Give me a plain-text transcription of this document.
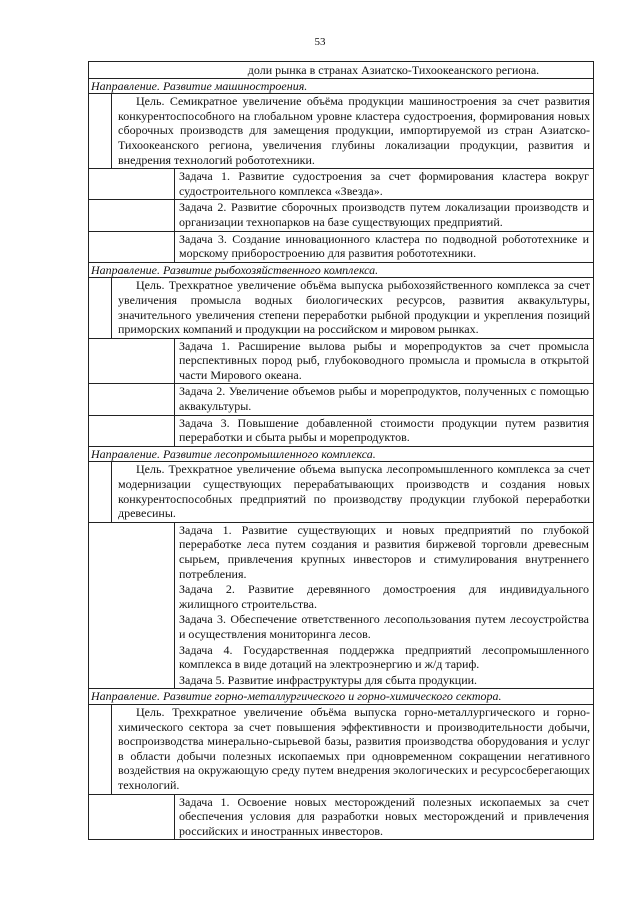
53
доли рынка в странах Азиатско-Тихоокеанского региона.
Направление. Развитие машиностроения.
Цель. Семикратное увеличение объёма продукции машиностроения за счет развития конкурентоспособного на глобальном уровне кластера судостроения, формирования новых сборочных производств для замещения продукции, импортируемой из стран Азиатско-Тихоокеанского региона, увеличения глубины локализации продукции, развития и внедрения технологий робототехники.
Задача 1. Развитие судостроения за счет формирования кластера вокруг судостроительного комплекса «Звезда».
Задача 2. Развитие сборочных производств путем локализации производств и организации технопарков на базе существующих предприятий.
Задача 3. Создание инновационного кластера по подводной робототехнике и морскому приборостроению для развития робототехники.
Направление. Развитие рыбохозяйственного комплекса.
Цель. Трехкратное увеличение объёма выпуска рыбохозяйственного комплекса за счет увеличения промысла водных биологических ресурсов, развития аквакультуры, значительного увеличения степени переработки рыбной продукции и укрепления позиций приморских компаний и продукции на российском и мировом рынках.
Задача 1. Расширение вылова рыбы и морепродуктов за счет промысла перспективных пород рыб, глубоководного промысла и промысла в открытой части Мирового океана.
Задача 2. Увеличение объемов рыбы и морепродуктов, полученных с помощью аквакультуры.
Задача 3. Повышение добавленной стоимости продукции путем развития переработки и сбыта рыбы и морепродуктов.
Направление. Развитие лесопромышленного комплекса.
Цель. Трехкратное увеличение объема выпуска лесопромышленного комплекса за счет модернизации существующих перерабатывающих производств и создания новых конкурентоспособных предприятий по производству продукции глубокой переработки древесины.
Задача 1. Развитие существующих и новых предприятий по глубокой переработке леса путем создания и развития биржевой торговли древесным сырьем, привлечения крупных инвесторов и стимулирования внутреннего потребления.
Задача 2. Развитие деревянного домостроения для индивидуального жилищного строительства.
Задача 3. Обеспечение ответственного лесопользования путем лесоустройства и осуществления мониторинга лесов.
Задача 4. Государственная поддержка предприятий лесопромышленного комплекса в виде дотаций на электроэнергию и ж/д тариф.
Задача 5. Развитие инфраструктуры для сбыта продукции.
Направление. Развитие горно-металлургического и горно-химического сектора.
Цель. Трехкратное увеличение объёма выпуска горно-металлургического и горно-химического сектора за счет повышения эффективности и производительности добычи, воспроизводства минерально-сырьевой базы, развития производства оборудования и услуг в области добычи полезных ископаемых при одновременном сокращении негативного воздействия на окружающую среду путем внедрения экологических и ресурсосберегающих технологий.
Задача 1. Освоение новых месторождений полезных ископаемых за счет обеспечения условия для разработки новых месторождений и привлечения российских и иностранных инвесторов.
